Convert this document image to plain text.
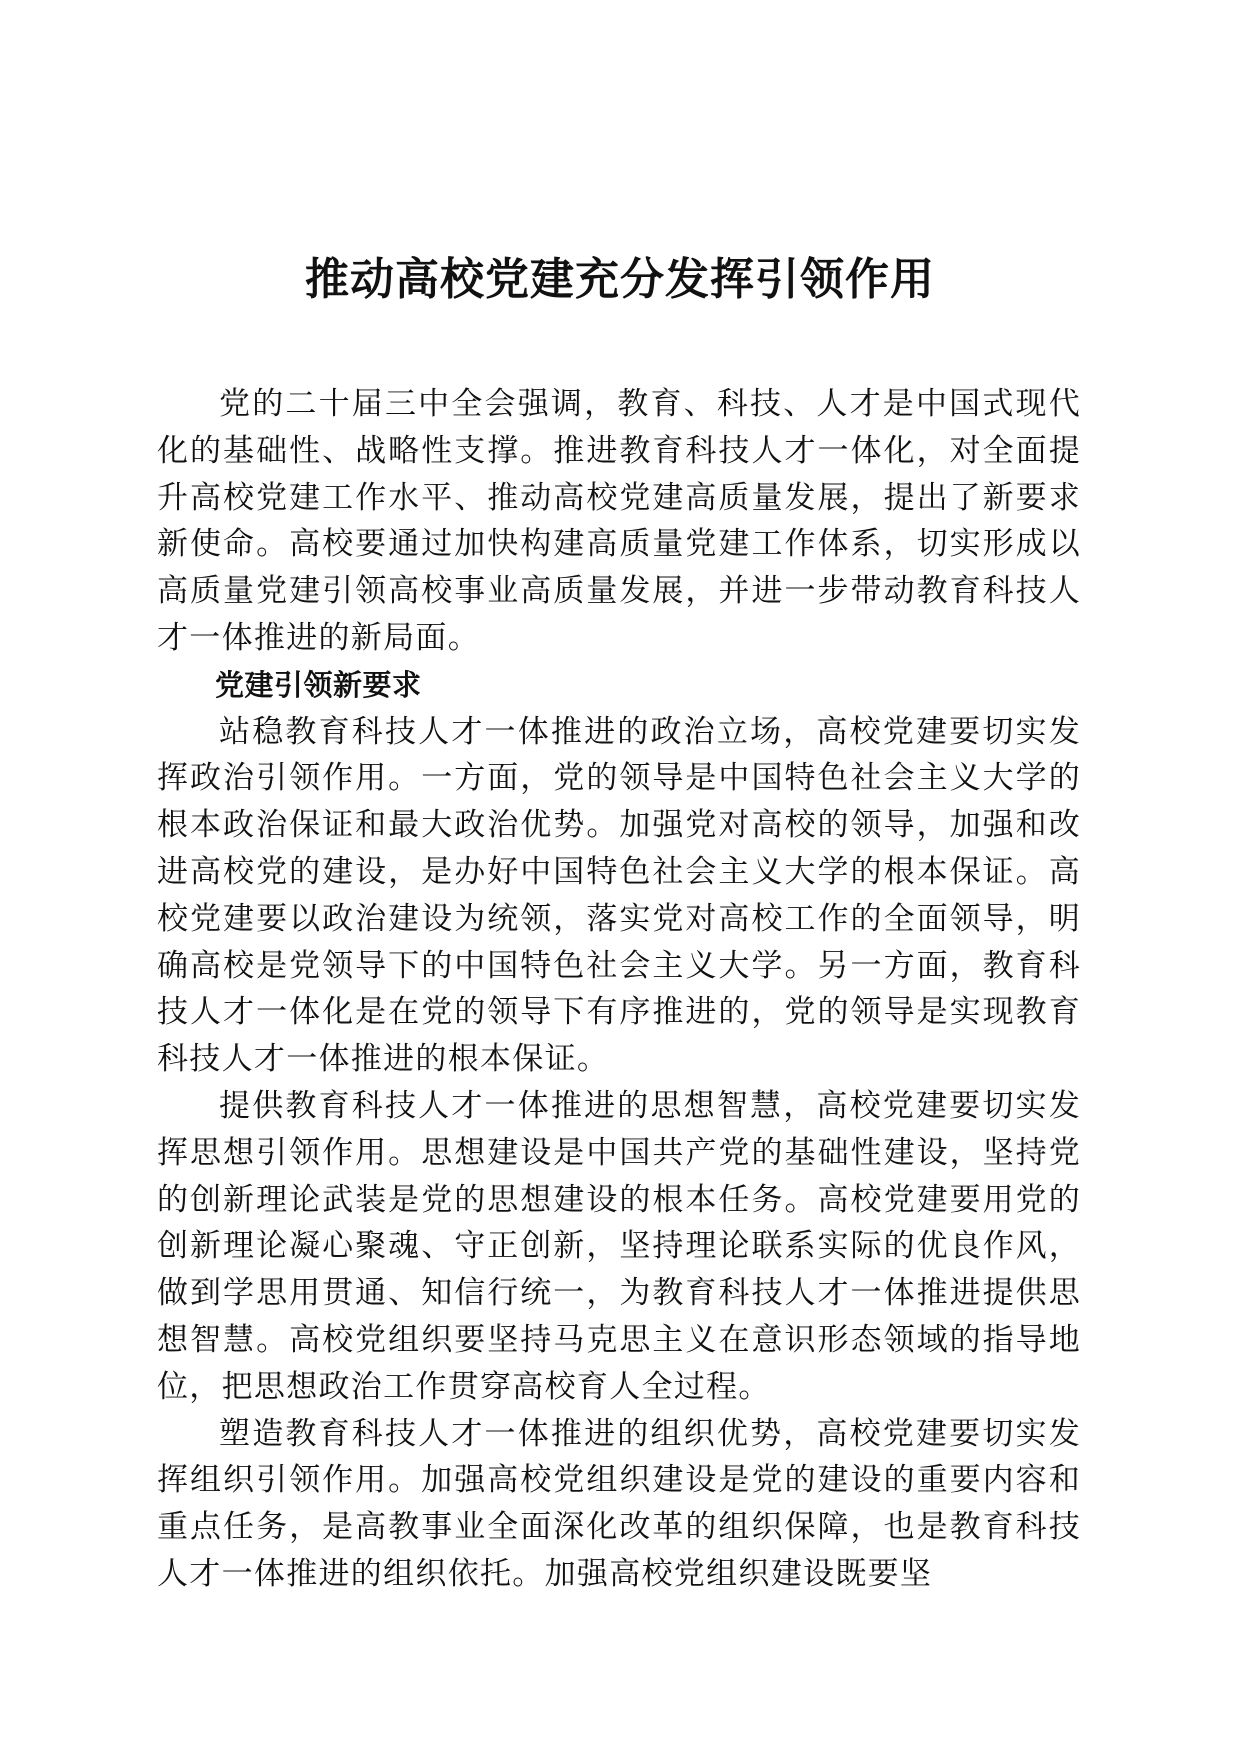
推动高校党建充分发挥引领作用

党的二十届三中全会强调，教育、科技、人才是中国式现代化的基础性、战略性支撑。推进教育科技人才一体化，对全面提升高校党建工作水平、推动高校党建高质量发展，提出了新要求新使命。高校要通过加快构建高质量党建工作体系，切实形成以高质量党建引领高校事业高质量发展，并进一步带动教育科技人才一体推进的新局面。

党建引领新要求

站稳教育科技人才一体推进的政治立场，高校党建要切实发挥政治引领作用。一方面，党的领导是中国特色社会主义大学的根本政治保证和最大政治优势。加强党对高校的领导，加强和改进高校党的建设，是办好中国特色社会主义大学的根本保证。高校党建要以政治建设为统领，落实党对高校工作的全面领导，明确高校是党领导下的中国特色社会主义大学。另一方面，教育科技人才一体化是在党的领导下有序推进的，党的领导是实现教育科技人才一体推进的根本保证。

提供教育科技人才一体推进的思想智慧，高校党建要切实发挥思想引领作用。思想建设是中国共产党的基础性建设，坚持党的创新理论武装是党的思想建设的根本任务。高校党建要用党的创新理论凝心聚魂、守正创新，坚持理论联系实际的优良作风，做到学思用贯通、知信行统一，为教育科技人才一体推进提供思想智慧。高校党组织要坚持马克思主义在意识形态领域的指导地位，把思想政治工作贯穿高校育人全过程。

塑造教育科技人才一体推进的组织优势，高校党建要切实发挥组织引领作用。加强高校党组织建设是党的建设的重要内容和重点任务，是高教事业全面深化改革的组织保障，也是教育科技人才一体推进的组织依托。加强高校党组织建设既要坚
